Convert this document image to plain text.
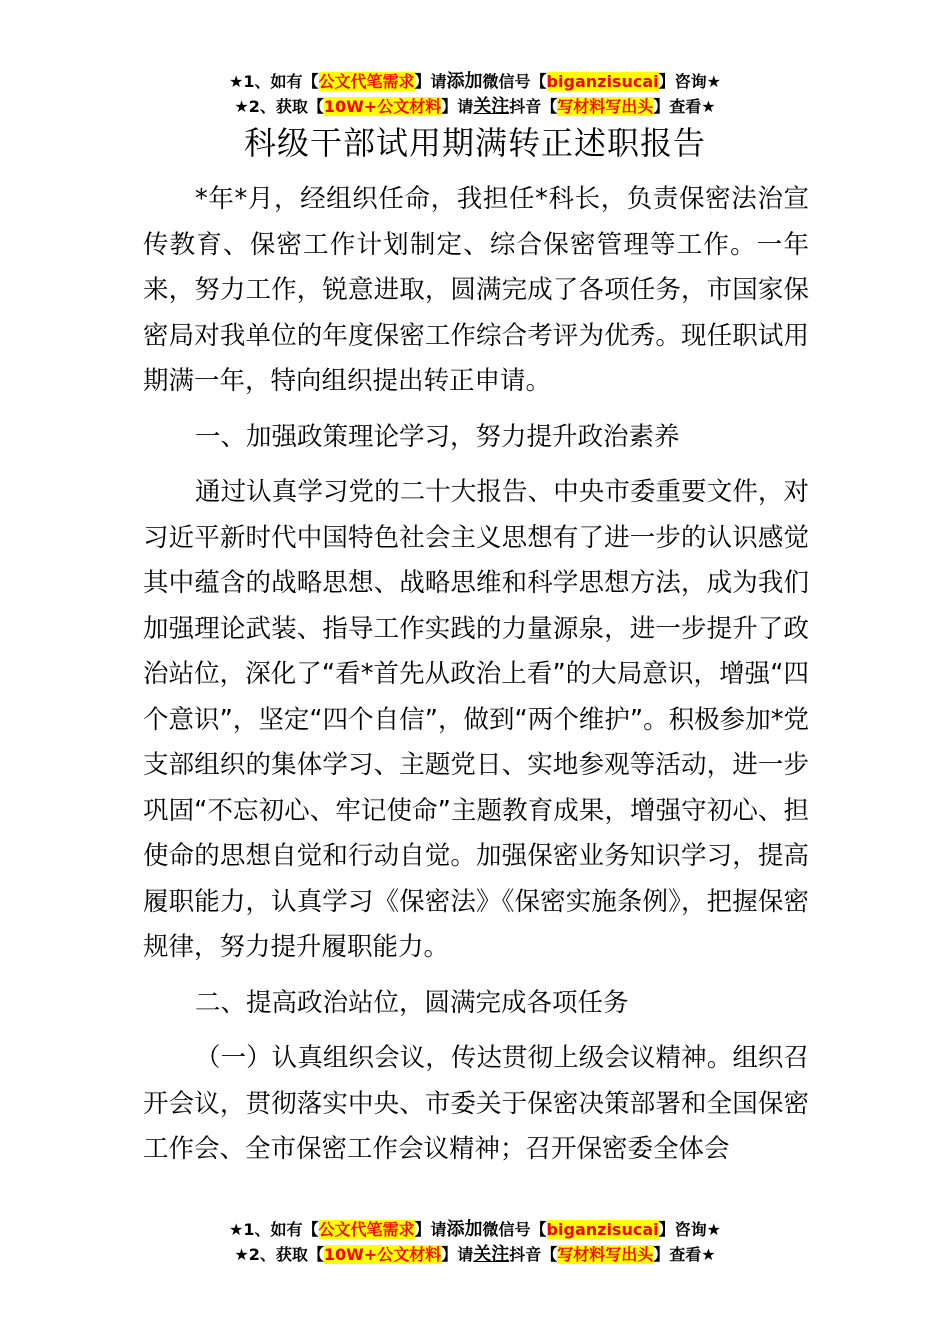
★1、如有【公文代笔需求】请添加微信号【biganzisucai】咨询★
★2、获取【10W+公文材料】请关注抖音【写材料写出头】查看★
科级干部试用期满转正述职报告

*年*月，经组织任命，我担任*科长，负责保密法治宣传教育、保密工作计划制定、综合保密管理等工作。一年来，努力工作，锐意进取，圆满完成了各项任务，市国家保密局对我单位的年度保密工作综合考评为优秀。现任职试用期满一年，特向组织提出转正申请。

一、加强政策理论学习，努力提升政治素养

通过认真学习党的二十大报告、中央市委重要文件，对习近平新时代中国特色社会主义思想有了进一步的认识感觉其中蕴含的战略思想、战略思维和科学思想方法，成为我们加强理论武装、指导工作实践的力量源泉，进一步提升了政治站位，深化了“看*首先从政治上看”的大局意识，增强“四个意识”，坚定“四个自信”，做到“两个维护”。积极参加*党支部组织的集体学习、主题党日、实地参观等活动，进一步巩固“不忘初心、牢记使命”主题教育成果，增强守初心、担使命的思想自觉和行动自觉。加强保密业务知识学习，提高履职能力，认真学习《保密法》《保密实施条例》，把握保密规律，努力提升履职能力。

二、提高政治站位，圆满完成各项任务

（一）认真组织会议，传达贯彻上级会议精神。组织召开会议，贯彻落实中央、市委关于保密决策部署和全国保密工作会、全市保密工作会议精神；召开保密委全体会

★1、如有【公文代笔需求】请添加微信号【biganzisucai】咨询★
★2、获取【10W+公文材料】请关注抖音【写材料写出头】查看★
